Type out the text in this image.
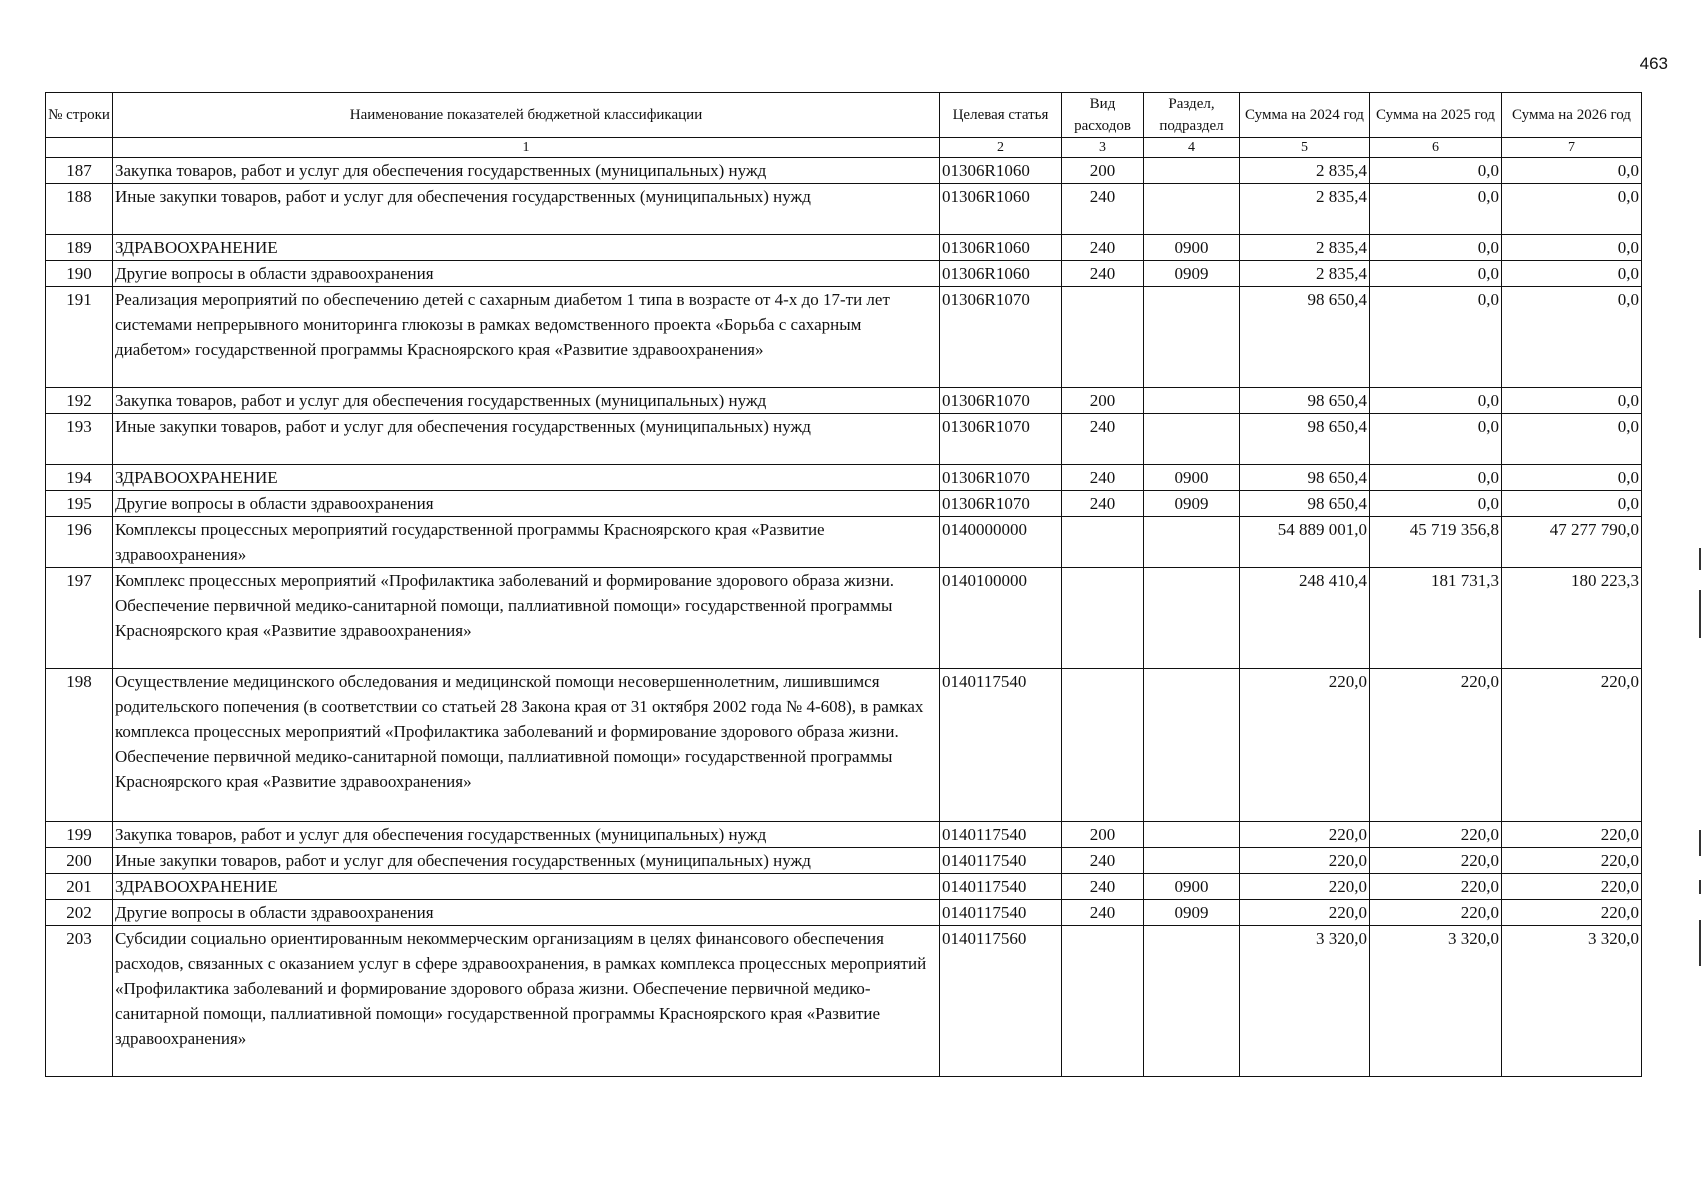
463
№ строки	Наименование показателей бюджетной классификации	Целевая статья	Вид расходов	Раздел, подраздел	Сумма на 2024 год	Сумма на 2025 год	Сумма на 2026 год
	1	2	3	4	5	6	7
187	Закупка товаров, работ и услуг для обеспечения государственных (муниципальных) нужд	01306R1060	200		2 835,4	0,0	0,0
188	Иные закупки товаров, работ и услуг для обеспечения государственных (муниципальных) нужд	01306R1060	240		2 835,4	0,0	0,0
189	ЗДРАВООХРАНЕНИЕ	01306R1060	240	0900	2 835,4	0,0	0,0
190	Другие вопросы в области здравоохранения	01306R1060	240	0909	2 835,4	0,0	0,0
191	Реализация мероприятий по обеспечению детей с сахарным диабетом 1 типа в возрасте от 4-х до 17-ти лет системами непрерывного мониторинга глюкозы в рамках ведомственного проекта «Борьба с сахарным диабетом» государственной программы Красноярского края «Развитие здравоохранения»	01306R1070			98 650,4	0,0	0,0
192	Закупка товаров, работ и услуг для обеспечения государственных (муниципальных) нужд	01306R1070	200		98 650,4	0,0	0,0
193	Иные закупки товаров, работ и услуг для обеспечения государственных (муниципальных) нужд	01306R1070	240		98 650,4	0,0	0,0
194	ЗДРАВООХРАНЕНИЕ	01306R1070	240	0900	98 650,4	0,0	0,0
195	Другие вопросы в области здравоохранения	01306R1070	240	0909	98 650,4	0,0	0,0
196	Комплексы процессных мероприятий государственной программы Красноярского края «Развитие здравоохранения»	0140000000			54 889 001,0	45 719 356,8	47 277 790,0
197	Комплекс процессных мероприятий «Профилактика заболеваний и формирование здорового образа жизни. Обеспечение первичной медико-санитарной помощи, паллиативной помощи» государственной программы Красноярского края «Развитие здравоохранения»	0140100000			248 410,4	181 731,3	180 223,3
198	Осуществление медицинского обследования и медицинской помощи несовершеннолетним, лишившимся родительского попечения (в соответствии со статьей 28 Закона края от 31 октября 2002 года № 4-608), в рамках комплекса процессных мероприятий «Профилактика заболеваний и формирование здорового образа жизни. Обеспечение первичной медико-санитарной помощи, паллиативной помощи» государственной программы Красноярского края «Развитие здравоохранения»	0140117540			220,0	220,0	220,0
199	Закупка товаров, работ и услуг для обеспечения государственных (муниципальных) нужд	0140117540	200		220,0	220,0	220,0
200	Иные закупки товаров, работ и услуг для обеспечения государственных (муниципальных) нужд	0140117540	240		220,0	220,0	220,0
201	ЗДРАВООХРАНЕНИЕ	0140117540	240	0900	220,0	220,0	220,0
202	Другие вопросы в области здравоохранения	0140117540	240	0909	220,0	220,0	220,0
203	Субсидии социально ориентированным некоммерческим организациям в целях финансового обеспечения расходов, связанных с оказанием услуг в сфере здравоохранения, в рамках комплекса процессных мероприятий «Профилактика заболеваний и формирование здорового образа жизни. Обеспечение первичной медико-санитарной помощи, паллиативной помощи» государственной программы Красноярского края «Развитие здравоохранения»	0140117560			3 320,0	3 320,0	3 320,0
